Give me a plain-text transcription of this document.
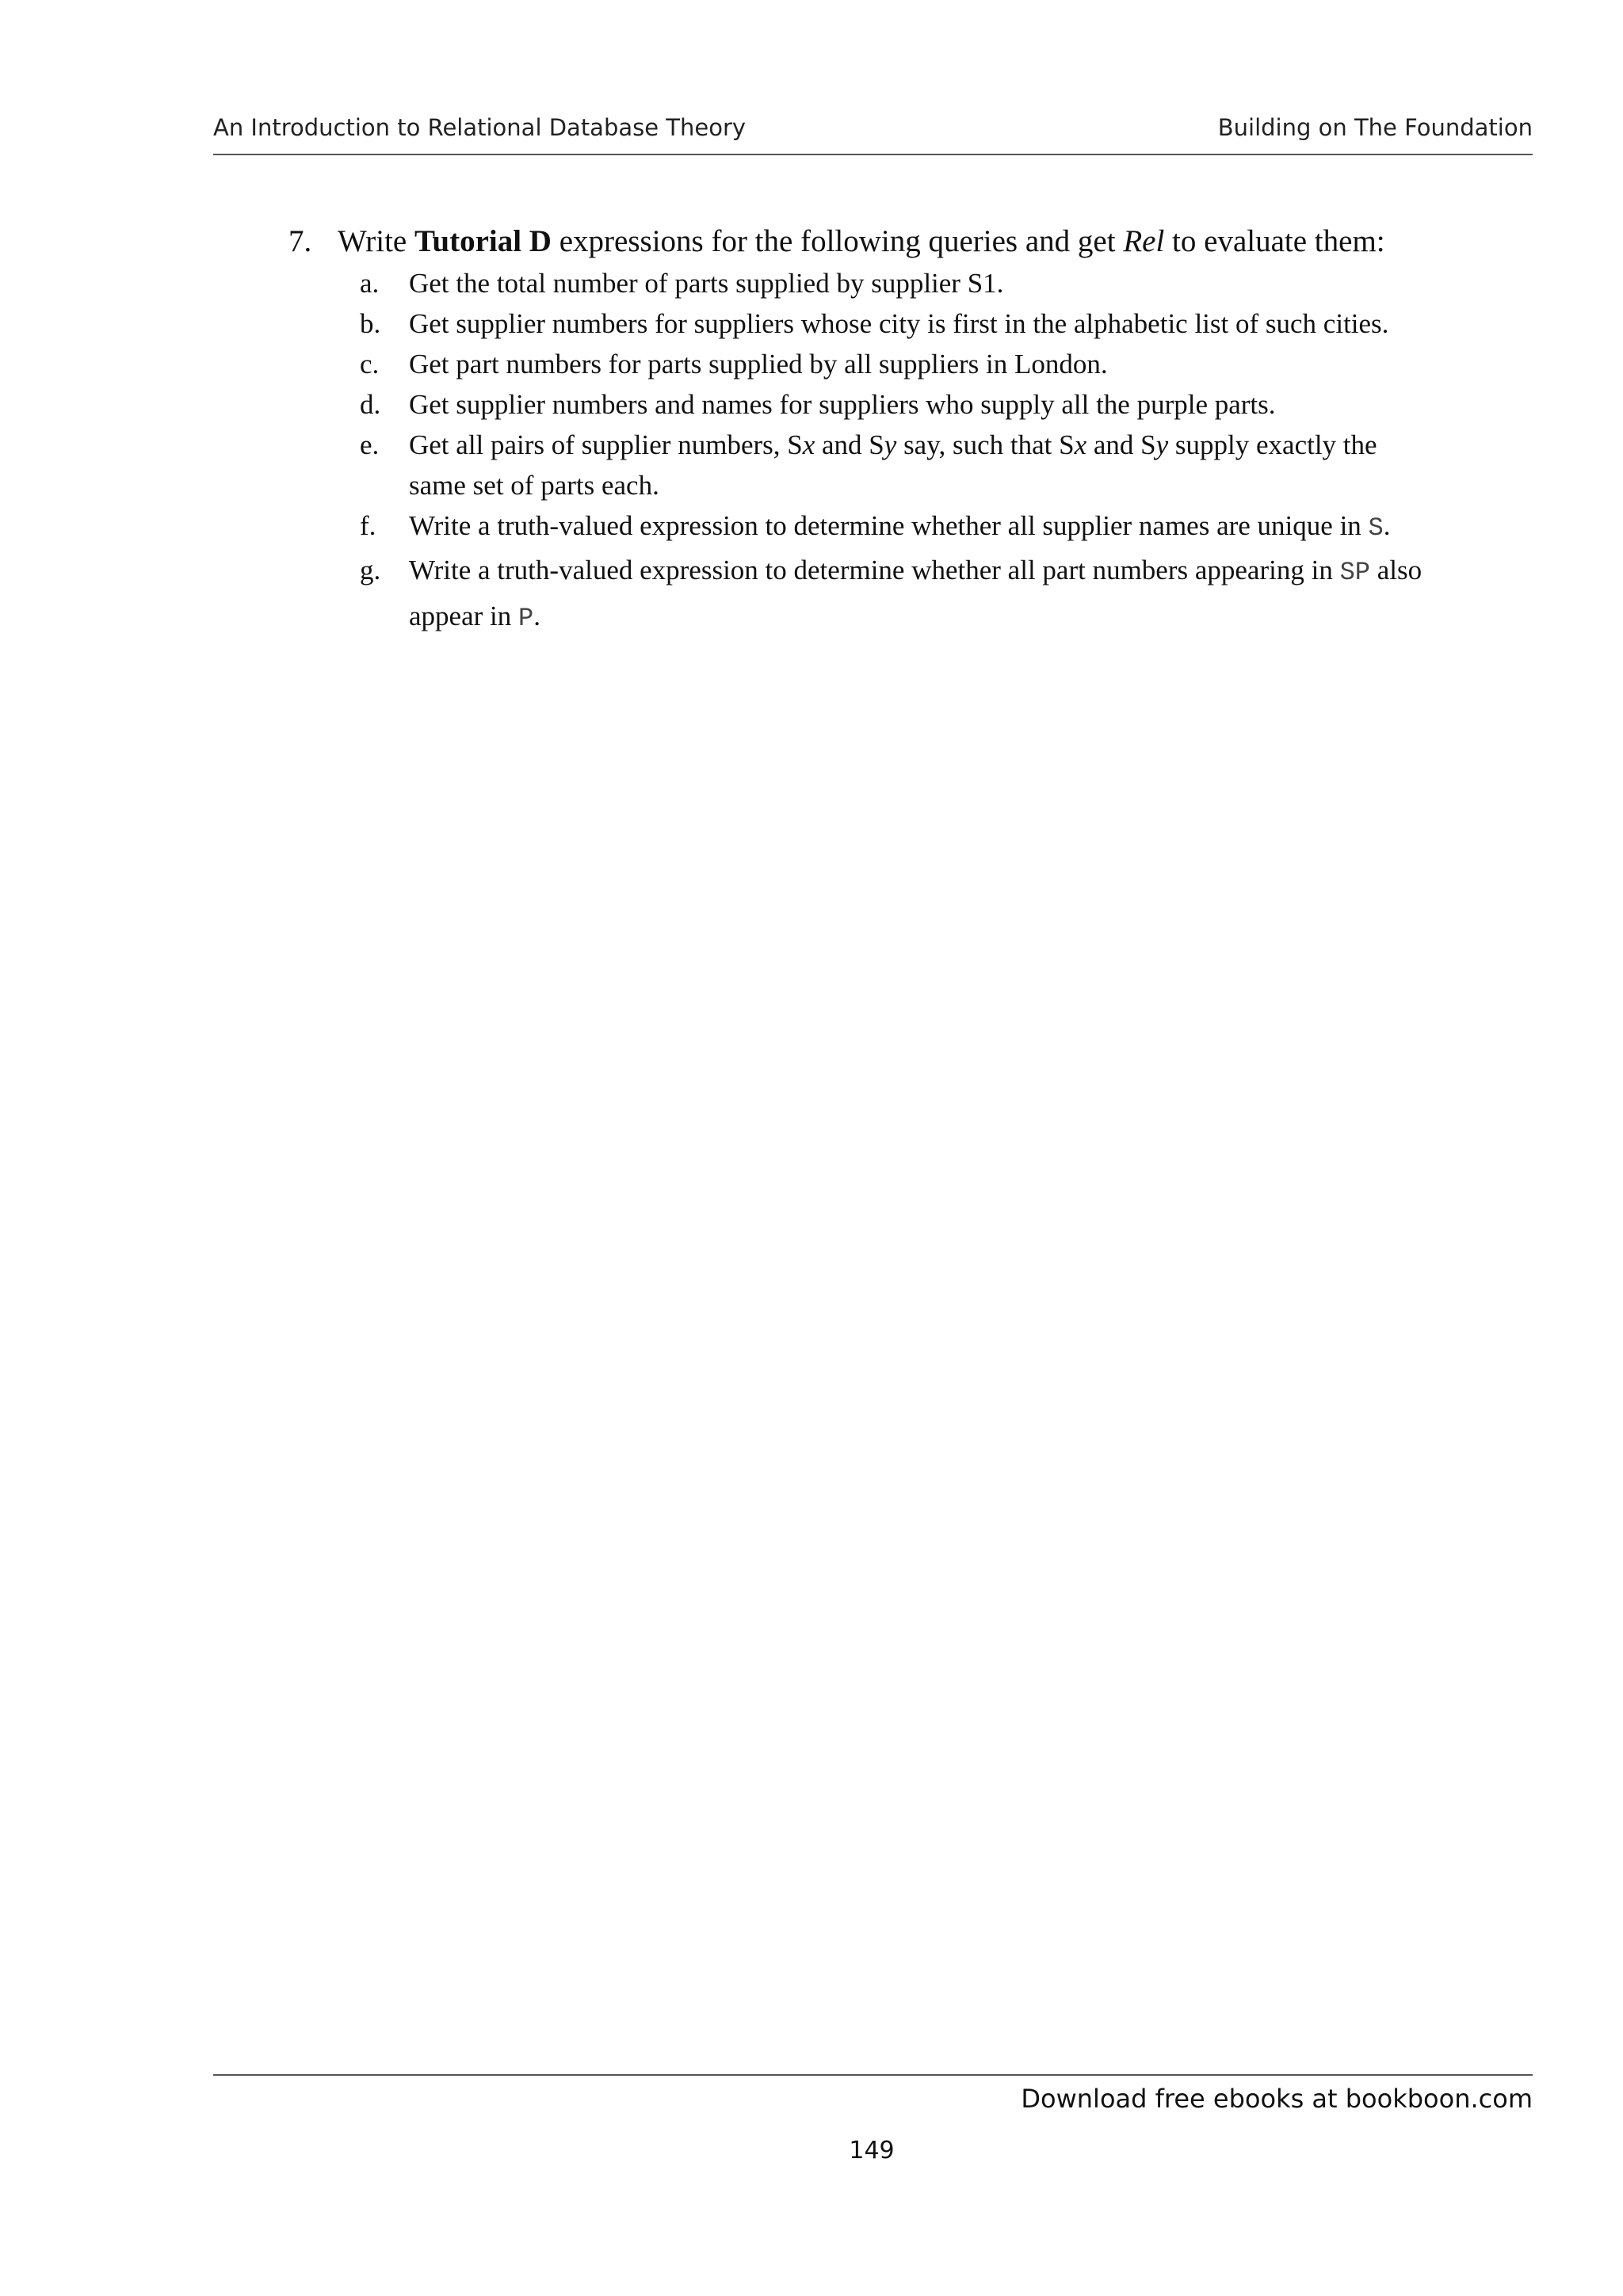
An Introduction to Relational Database Theory	Building on The Foundation
7. Write Tutorial D expressions for the following queries and get Rel to evaluate them:
a. Get the total number of parts supplied by supplier S1.
b. Get supplier numbers for suppliers whose city is first in the alphabetic list of such cities.
c. Get part numbers for parts supplied by all suppliers in London.
d. Get supplier numbers and names for suppliers who supply all the purple parts.
e. Get all pairs of supplier numbers, Sx and Sy say, such that Sx and Sy supply exactly the
same set of parts each.
f. Write a truth-valued expression to determine whether all supplier names are unique in S.
g. Write a truth-valued expression to determine whether all part numbers appearing in SP also
appear in P.
Download free ebooks at bookboon.com
149
